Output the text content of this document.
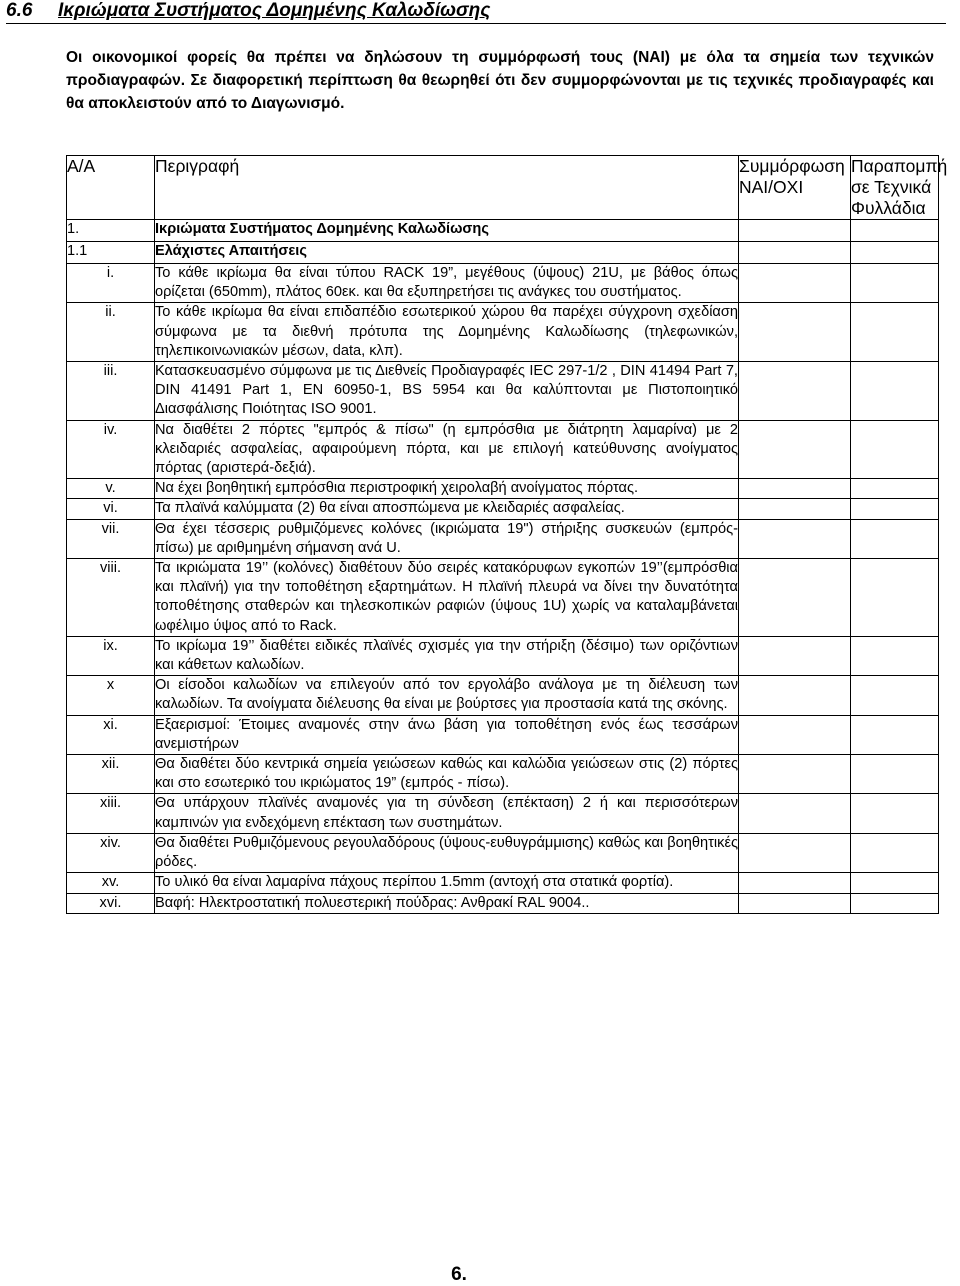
6.6 Ικριώματα Συστήματος Δομημένης Καλωδίωσης
Οι οικονομικοί φορείς θα πρέπει να δηλώσουν τη συμμόρφωσή τους (ΝΑΙ) με όλα τα σημεία των τεχνικών προδιαγραφών. Σε διαφορετική περίπτωση θα θεωρηθεί ότι δεν συμμορφώνονται με τις τεχνικές προδιαγραφές και θα αποκλειστούν από το Διαγωνισμό.
Α/Α	Περιγραφή	Συμμόρφωση ΝΑΙ/ΟΧΙ	Παραπομπή σε Τεχνικά Φυλλάδια
1.	Ικριώματα Συστήματος Δομημένης Καλωδίωσης		
1.1	Ελάχιστες Απαιτήσεις		
i.	Το κάθε ικρίωμα θα είναι τύπου RACK 19”, μεγέθους (ύψους) 21U, με βάθος όπως ορίζεται (650mm), πλάτος 60εκ. και θα εξυπηρετήσει τις ανάγκες του συστήματος.		
ii.	Το κάθε ικρίωμα θα είναι επιδαπέδιο εσωτερικού χώρου θα παρέχει σύγχρονη σχεδίαση σύμφωνα με τα διεθνή πρότυπα της Δομημένης Καλωδίωσης (τηλεφωνικών, τηλεπικοινωνιακών μέσων, data, κλπ).		
iii.	Κατασκευασμένο σύμφωνα με τις Διεθνείς Προδιαγραφές IEC 297-1/2 , DIN 41494 Part 7, DIN 41491 Part 1, EN 60950-1, BS 5954 και θα καλύπτονται με Πιστοποιητικό Διασφάλισης Ποιότητας ISO 9001.		
iv.	Να διαθέτει 2 πόρτες "εμπρός & πίσω" (η εμπρόσθια με διάτρητη λαμαρίνα) με 2 κλειδαριές ασφαλείας, αφαιρούμενη πόρτα, και με επιλογή κατεύθυνσης ανοίγματος πόρτας (αριστερά-δεξιά).		
v.	Να έχει βοηθητική εμπρόσθια περιστροφική χειρολαβή ανοίγματος πόρτας.		
vi.	Τα πλαϊνά καλύμματα (2) θα είναι αποσπώμενα με κλειδαριές ασφαλείας.		
vii.	Θα έχει τέσσερις ρυθμιζόμενες κολόνες (ικριώματα 19") στήριξης συσκευών (εμπρός-πίσω) με αριθμημένη σήμανση ανά U.		
viii.	Τα ικριώματα 19’’ (κολόνες) διαθέτουν δύο σειρές κατακόρυφων εγκοπών 19’’(εμπρόσθια και πλαϊνή) για την τοποθέτηση εξαρτημάτων. Η πλαϊνή πλευρά να δίνει την δυνατότητα τοποθέτησης σταθερών και τηλεσκοπικών ραφιών (ύψους 1U) χωρίς να καταλαμβάνεται ωφέλιμο ύψος από το Rack.		
ix.	Το ικρίωμα 19’’ διαθέτει ειδικές πλαϊνές σχισμές για την στήριξη (δέσιμο) των οριζόντιων και κάθετων καλωδίων.		
x	Οι είσοδοι καλωδίων να επιλεγούν από τον εργολάβο ανάλογα με τη διέλευση των καλωδίων. Τα ανοίγματα διέλευσης θα είναι με βούρτσες για προστασία κατά της σκόνης.		
xi.	Εξαερισμοί: Έτοιμες αναμονές στην άνω βάση για τοποθέτηση ενός έως τεσσάρων ανεμιστήρων		
xii.	Θα διαθέτει δύο κεντρικά σημεία γειώσεων καθώς και καλώδια γειώσεων στις (2) πόρτες και στο εσωτερικό του ικριώματος 19” (εμπρός - πίσω).		
xiii.	Θα υπάρχουν πλαϊνές αναμονές για τη σύνδεση (επέκταση) 2 ή και περισσότερων καμπινών για ενδεχόμενη επέκταση των συστημάτων.		
xiv.	Θα διαθέτει Ρυθμιζόμενους ρεγουλαδόρους (ύψους-ευθυγράμμισης) καθώς και βοηθητικές ρόδες.		
xv.	Το υλικό θα είναι λαμαρίνα πάχους περίπου 1.5mm (αντοχή στα στατικά φορτία).		
xvi.	Βαφή: Ηλεκτροστατική πολυεστερική πούδρας: Ανθρακί RAL 9004..		
6.
